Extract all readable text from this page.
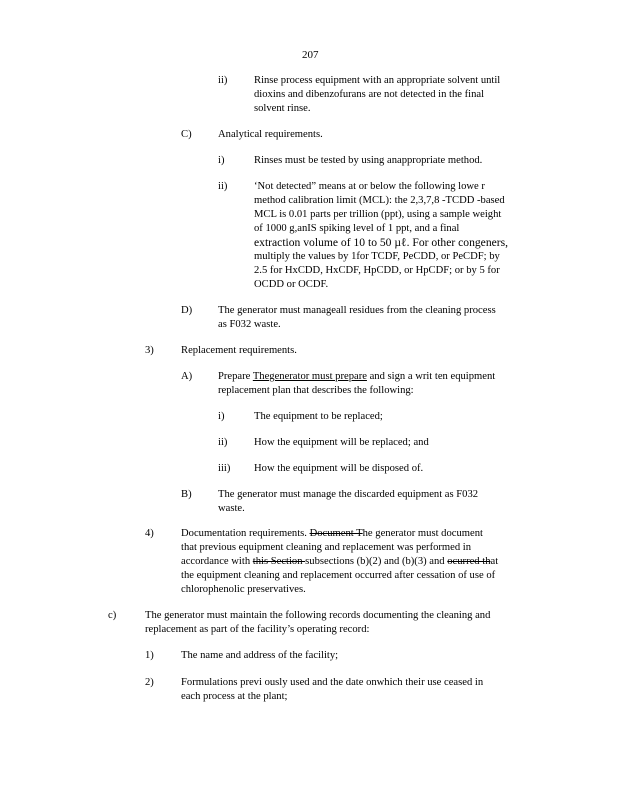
207
ii)	Rinse process equipment with an appropriate solvent until
dioxins and dibenzofurans are not detected in the final
solvent rinse.
C) Analytical requirements.
i)	Rinses must be tested by using anappropriate method.
ii)	‘Not detected” means at or below the following lowe r
method calibration limit (MCL): the 2,3,7,8 -TCDD -based
MCL is 0.01 parts per trillion (ppt), using a sample weight
of 1000 g,anIS spiking level of 1 ppt, and a final
extraction volume of 10 to 50 µℓ. For other congeners,
multiply the values by 1for TCDF, PeCDD, or PeCDF; by
2.5 for HxCDD, HxCDF, HpCDD, or HpCDF; or by 5 for
OCDD or OCDF.
D) The generator must manageall residues from the cleaning process
as F032 waste.
3)	Replacement requirements.
A) Prepare Thegenerator must prepare and sign a writ ten equipment
replacement plan that describes the following:
i)	The equipment to be replaced;
ii)	How the equipment will be replaced; and
iii) How the equipment will be disposed of.
B) The generator must manage the discarded equipment as F032
waste.
4)	Documentation requirements. Document The generator must document
that previous equipment cleaning and replacement was performed in
accordance with this Section subsections (b)(2) and (b)(3) and ocurred that
the equipment cleaning and replacement occurred after cessation of use of
chlorophenolic preservatives.
c)	The generator must maintain the following records documenting the cleaning and
replacement as part of the facility’s operating record:
1)	The name and address of the facility;
2)	Formulations previ ously used and the date onwhich their use ceased in
each process at the plant;
